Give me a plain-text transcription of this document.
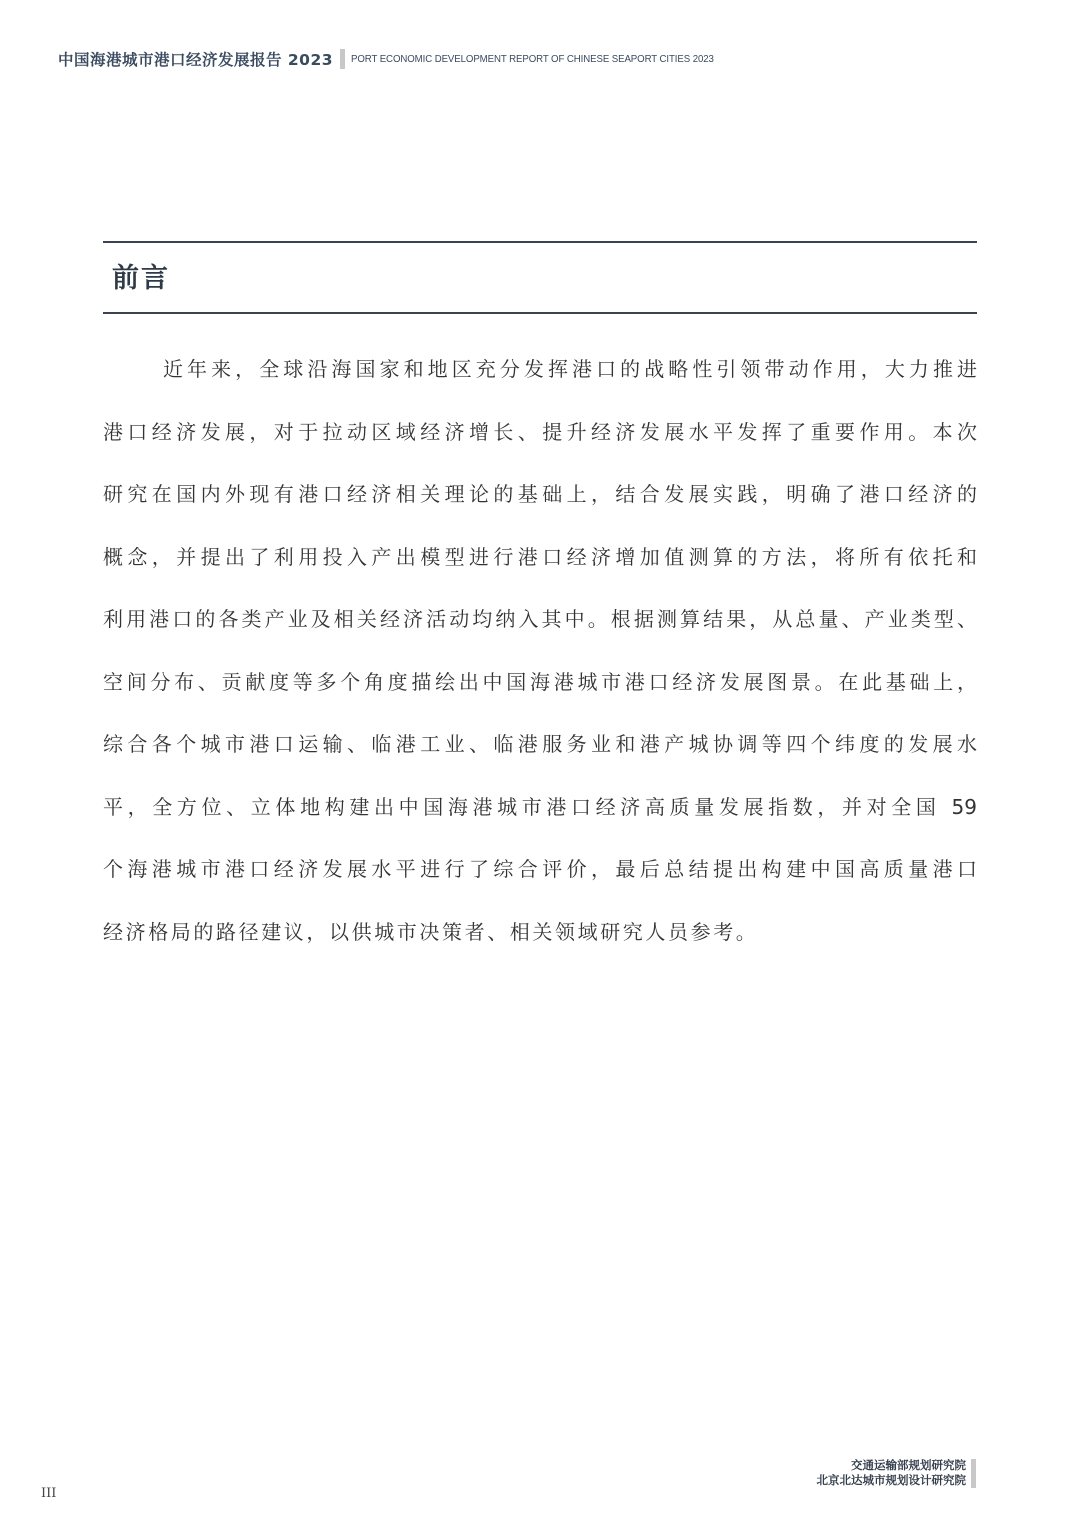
中国海港城市港口经济发展报告 2023 PORT ECONOMIC DEVELOPMENT REPORT OF CHINESE SEAPORT CITIES 2023
前言
近年来，全球沿海国家和地区充分发挥港口的战略性引领带动作用，大力推进
港口经济发展，对于拉动区域经济增长、提升经济发展水平发挥了重要作用。本次
研究在国内外现有港口经济相关理论的基础上，结合发展实践，明确了港口经济的
概念，并提出了利用投入产出模型进行港口经济增加值测算的方法，将所有依托和
利用港口的各类产业及相关经济活动均纳入其中。根据测算结果，从总量、产业类型、
空间分布、贡献度等多个角度描绘出中国海港城市港口经济发展图景。在此基础上，
综合各个城市港口运输、临港工业、临港服务业和港产城协调等四个纬度的发展水
平，全方位、立体地构建出中国海港城市港口经济高质量发展指数，并对全国 59
个海港城市港口经济发展水平进行了综合评价，最后总结提出构建中国高质量港口
经济格局的路径建议，以供城市决策者、相关领域研究人员参考。
III
交通运输部规划研究院
北京北达城市规划设计研究院
